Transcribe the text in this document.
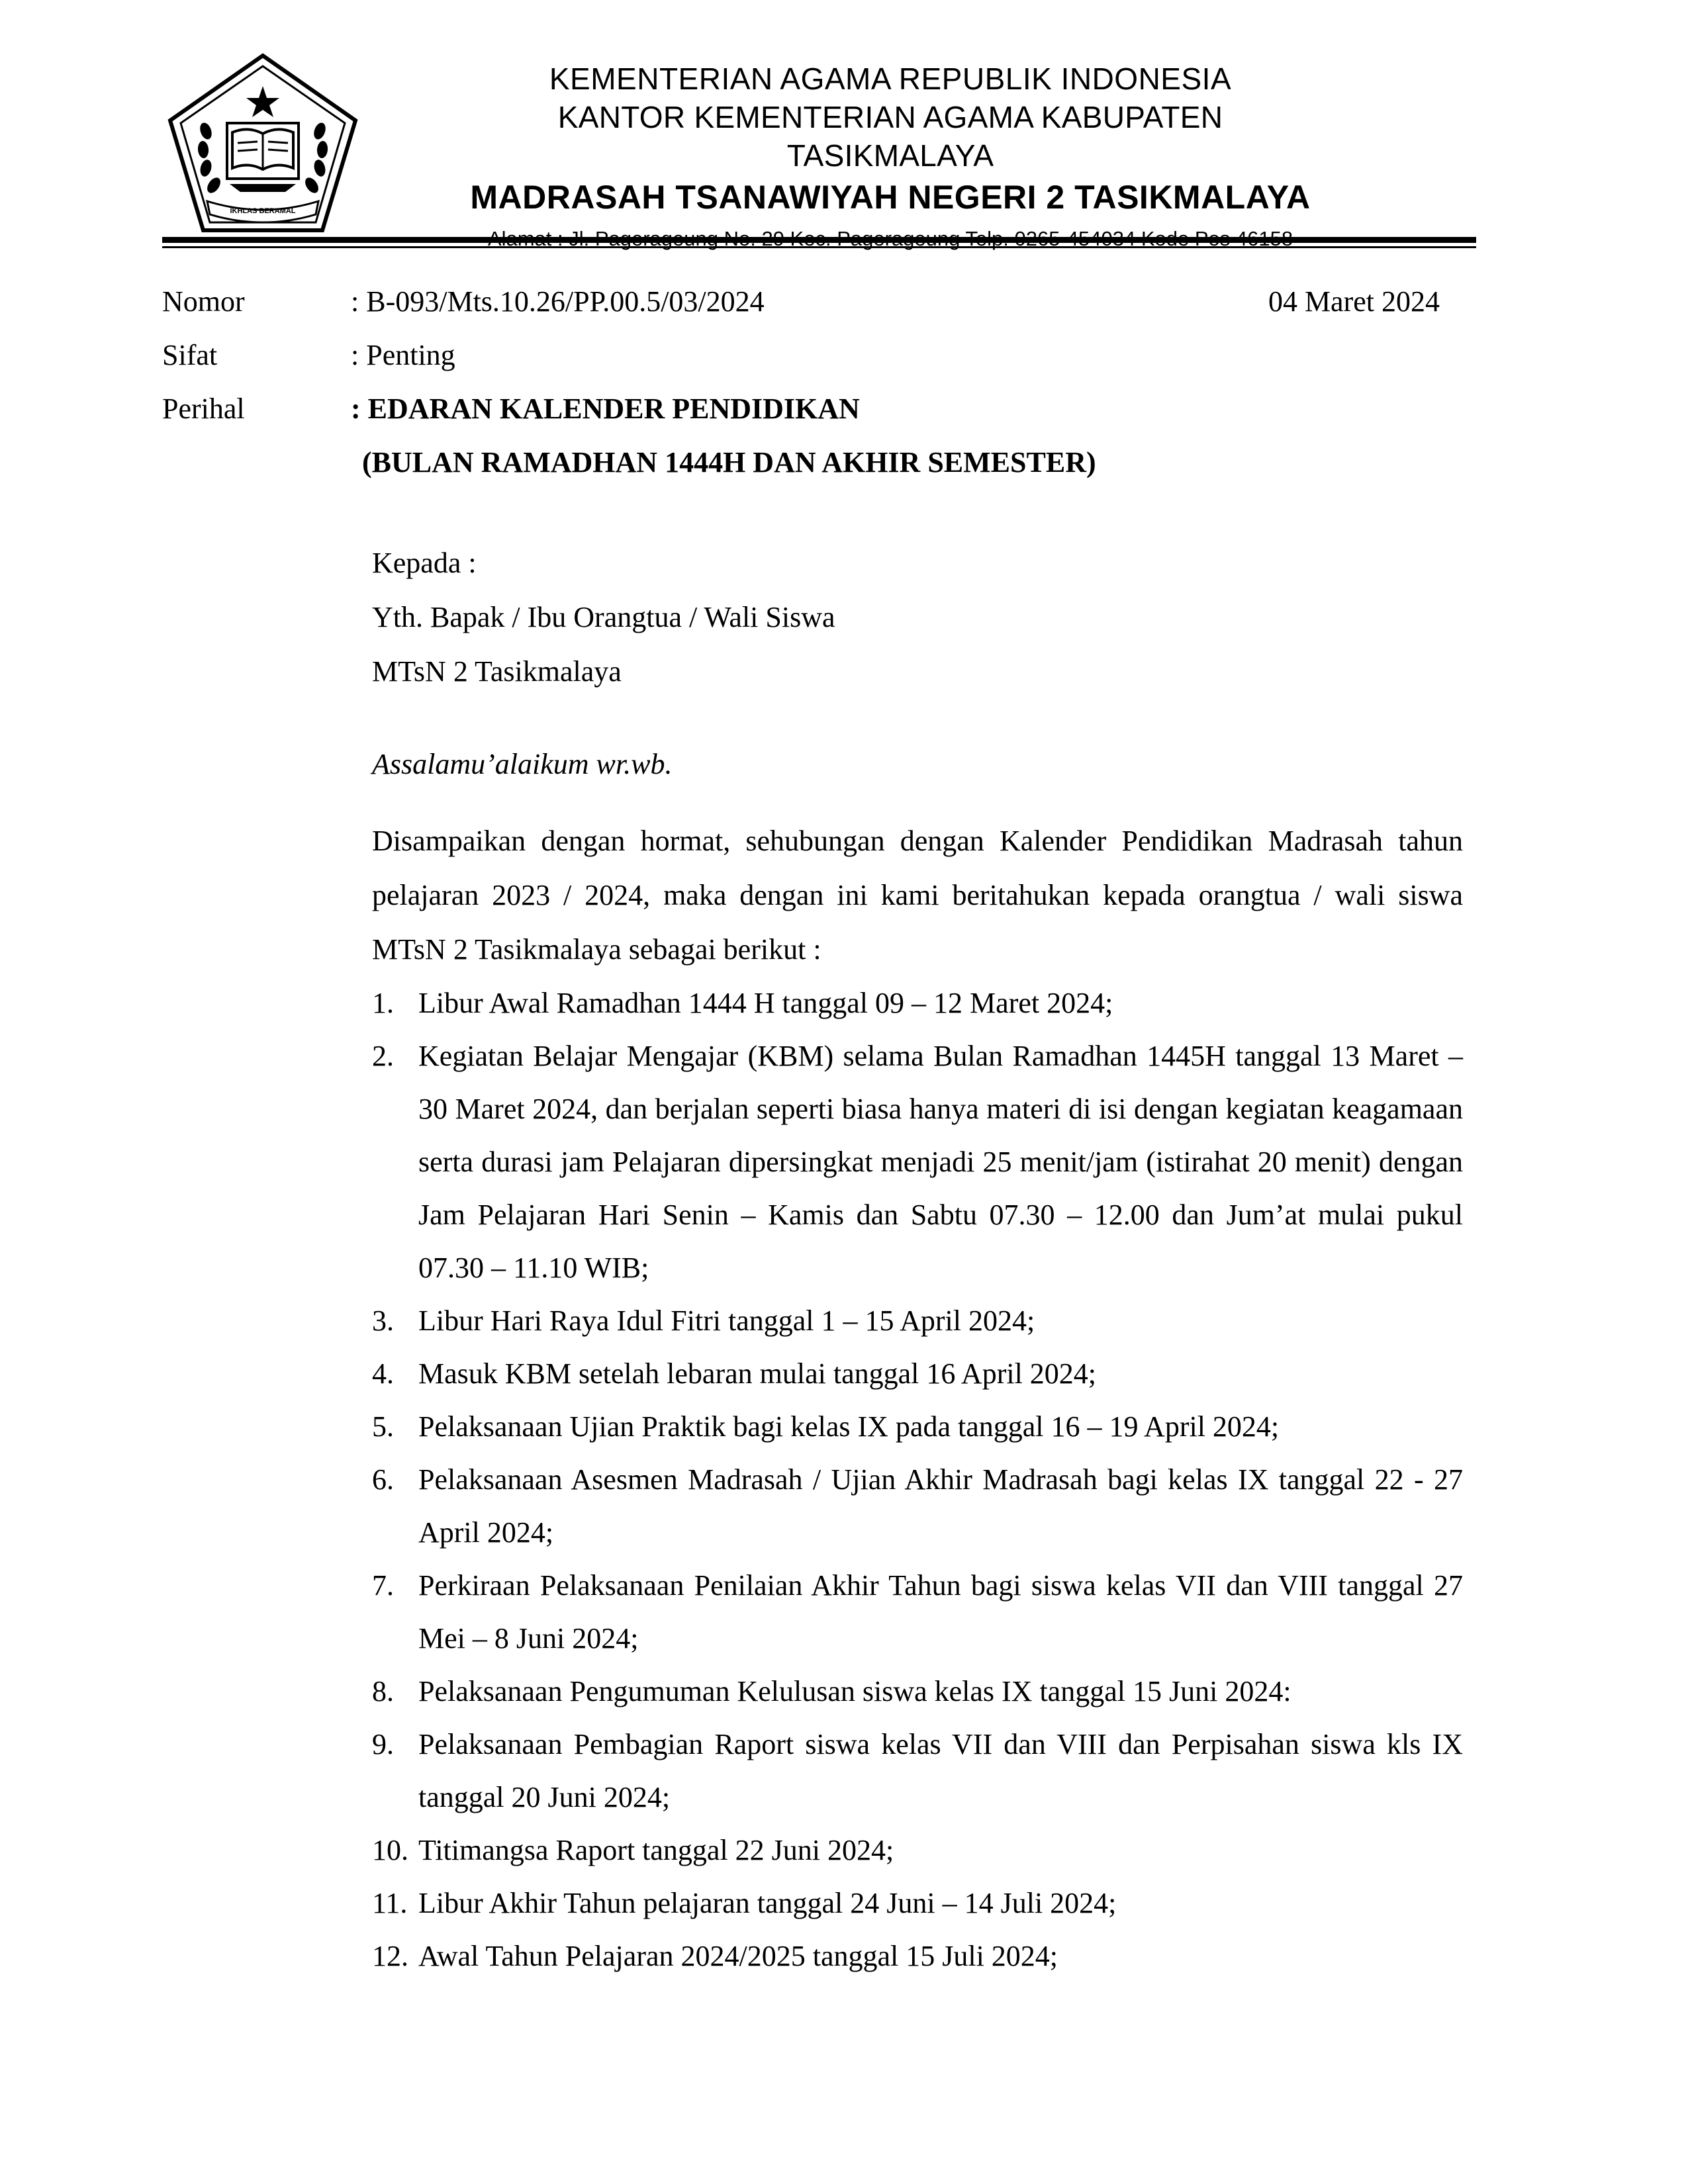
IKHLAS BERAMAL
KEMENTERIAN AGAMA REPUBLIK INDONESIA
KANTOR KEMENTERIAN AGAMA KABUPATEN TASIKMALAYA
MADRASAH TSANAWIYAH NEGERI 2 TASIKMALAYA
Nomor	: B-093/Mts.10.26/PP.00.5/03/2024	04 Maret 2024
Sifat	: Penting
Perihal	: EDARAN KALENDER PENDIDIKAN
(BULAN RAMADHAN 1444H DAN AKHIR SEMESTER)
Kepada :
Yth. Bapak / Ibu Orangtua / Wali Siswa
MTsN 2 Tasikmalaya
Assalamu’alaikum wr.wb.
Disampaikan dengan hormat, sehubungan dengan Kalender Pendidikan Madrasah tahun pelajaran 2023 / 2024, maka dengan ini kami beritahukan kepada orangtua / wali siswa MTsN 2 Tasikmalaya sebagai berikut :
1. Libur Awal Ramadhan 1444 H tanggal 09 – 12 Maret 2024;
2. Kegiatan Belajar Mengajar (KBM) selama Bulan Ramadhan 1445H tanggal 13 Maret – 30 Maret 2024, dan berjalan seperti biasa hanya materi di isi dengan kegiatan keagamaan serta durasi jam Pelajaran dipersingkat menjadi 25 menit/jam (istirahat 20 menit) dengan Jam Pelajaran Hari Senin – Kamis dan Sabtu 07.30 – 12.00 dan Jum’at mulai pukul 07.30 – 11.10 WIB;
3. Libur Hari Raya Idul Fitri tanggal 1 – 15 April 2024;
4. Masuk KBM setelah lebaran mulai tanggal 16 April 2024;
5. Pelaksanaan Ujian Praktik bagi kelas IX pada tanggal 16 – 19 April 2024;
6. Pelaksanaan Asesmen Madrasah / Ujian Akhir Madrasah bagi kelas IX tanggal 22 - 27 April 2024;
7. Perkiraan Pelaksanaan Penilaian Akhir Tahun bagi siswa kelas VII dan VIII tanggal 27 Mei – 8 Juni 2024;
8. Pelaksanaan Pengumuman Kelulusan siswa kelas IX tanggal 15 Juni 2024:
9. Pelaksanaan Pembagian Raport siswa kelas VII dan VIII dan Perpisahan siswa kls IX tanggal 20 Juni 2024;
10. Titimangsa Raport tanggal 22 Juni 2024;
11. Libur Akhir Tahun pelajaran tanggal 24 Juni – 14 Juli 2024;
12. Awal Tahun Pelajaran 2024/2025 tanggal 15 Juli 2024;
